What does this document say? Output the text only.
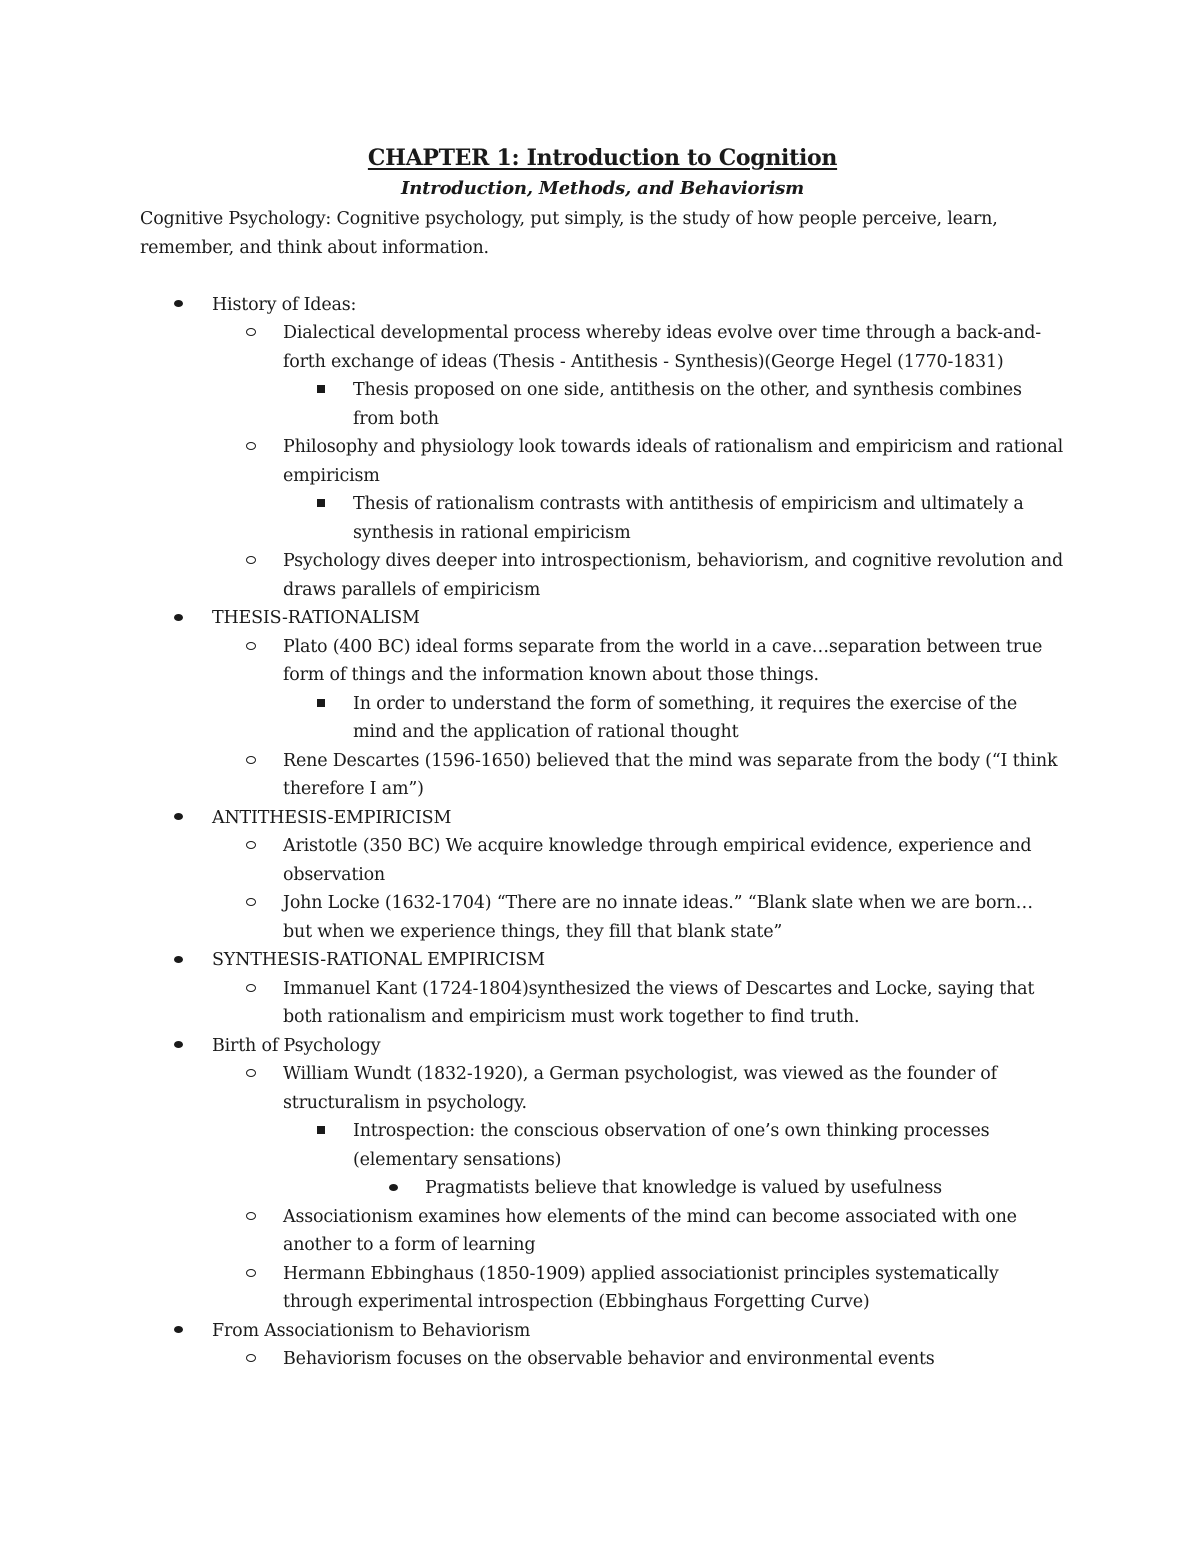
CHAPTER 1: Introduction to Cognition
Introduction, Methods, and Behaviorism

Cognitive Psychology: Cognitive psychology, put simply, is the study of how people perceive, learn, remember, and think about information.

History of Ideas:
Dialectical developmental process whereby ideas evolve over time through a back-and-forth exchange of ideas (Thesis - Antithesis - Synthesis)(George Hegel (1770-1831)
Thesis proposed on one side, antithesis on the other, and synthesis combines from both
Philosophy and physiology look towards ideals of rationalism and empiricism and rational empiricism
Thesis of rationalism contrasts with antithesis of empiricism and ultimately a synthesis in rational empiricism
Psychology dives deeper into introspectionism, behaviorism, and cognitive revolution and draws parallels of empiricism
THESIS-RATIONALISM
Plato (400 BC) ideal forms separate from the world in a cave…separation between true form of things and the information known about those things.
In order to understand the form of something, it requires the exercise of the mind and the application of rational thought
Rene Descartes (1596-1650) believed that the mind was separate from the body (“I think therefore I am”)
ANTITHESIS-EMPIRICISM
Aristotle (350 BC) We acquire knowledge through empirical evidence, experience and observation
John Locke (1632-1704) “There are no innate ideas.” “Blank slate when we are born… but when we experience things, they fill that blank state”
SYNTHESIS-RATIONAL EMPIRICISM
Immanuel Kant (1724-1804)synthesized the views of Descartes and Locke, saying that both rationalism and empiricism must work together to find truth.
Birth of Psychology
William Wundt (1832-1920), a German psychologist, was viewed as the founder of structuralism in psychology.
Introspection: the conscious observation of one’s own thinking processes (elementary sensations)
Pragmatists believe that knowledge is valued by usefulness
Associationism examines how elements of the mind can become associated with one another to a form of learning
Hermann Ebbinghaus (1850-1909) applied associationist principles systematically through experimental introspection (Ebbinghaus Forgetting Curve)
From Associationism to Behaviorism
Behaviorism focuses on the observable behavior and environmental events
